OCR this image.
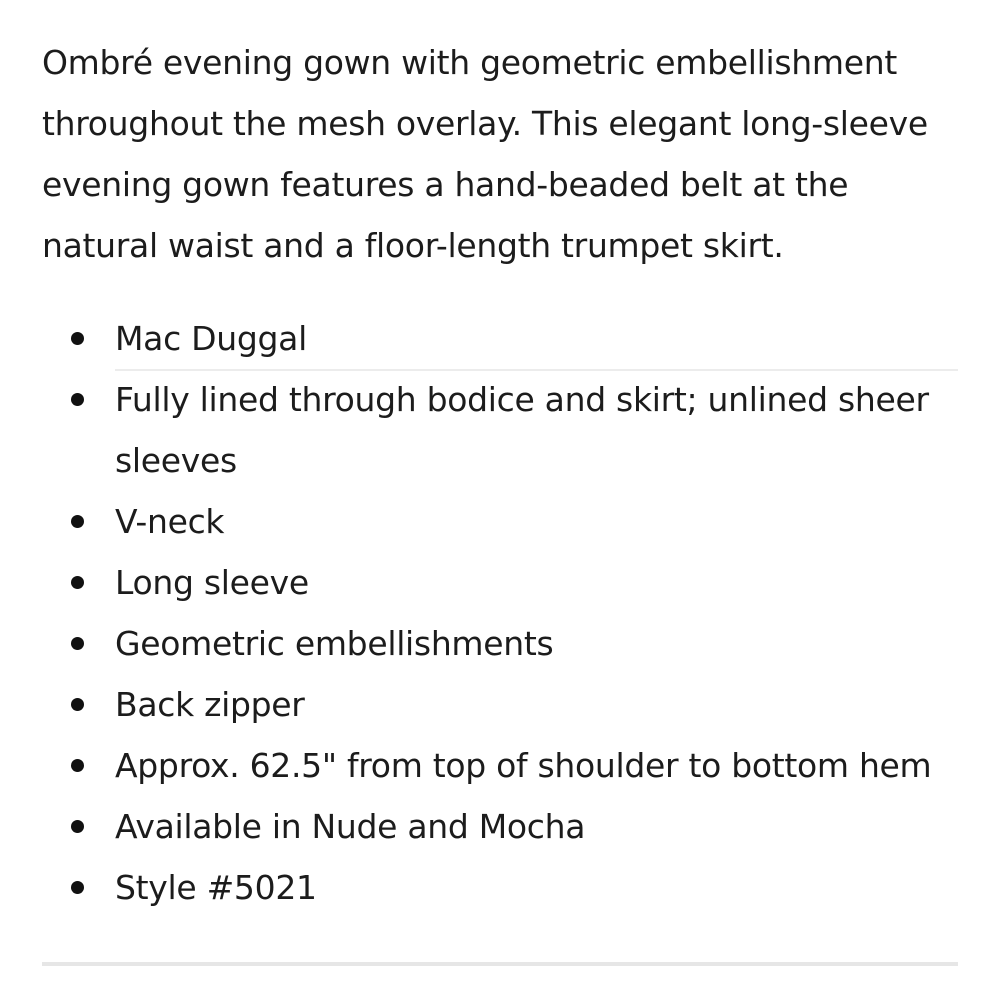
Ombré evening gown with geometric embellishment throughout the mesh overlay. This elegant long-sleeve evening gown features a hand-beaded belt at the natural waist and a floor-length trumpet skirt.

Mac Duggal
Fully lined through bodice and skirt; unlined sheer sleeves
V-neck
Long sleeve
Geometric embellishments
Back zipper
Approx. 62.5" from top of shoulder to bottom hem
Available in Nude and Mocha
Style #5021
